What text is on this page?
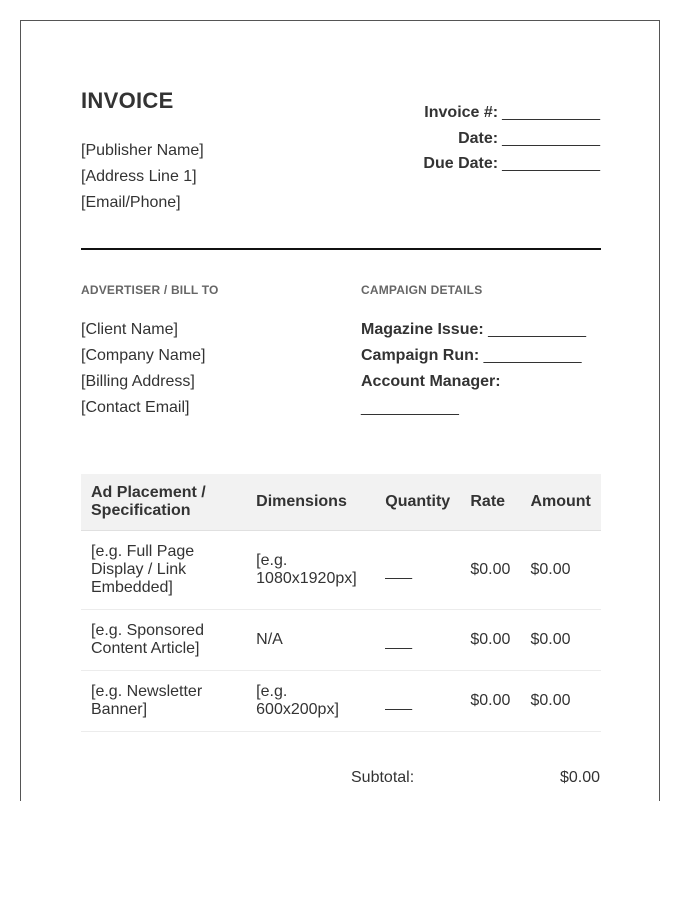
INVOICE
[Publisher Name]
[Address Line 1]
[Email/Phone]
Invoice #: ___________
Date: ___________
Due Date: ___________
ADVERTISER / BILL TO	CAMPAIGN DETAILS
[Client Name]
[Company Name]
[Billing Address]
[Contact Email]
Magazine Issue: ___________
Campaign Run: ___________
Account Manager: ___________
Ad Placement / Specification	Dimensions	Quantity	Rate	Amount
[e.g. Full Page Display / Link Embedded]	[e.g. 1080x1920px]	___	$0.00	$0.00
[e.g. Sponsored Content Article]	N/A	___	$0.00	$0.00
[e.g. Newsletter Banner]	[e.g. 600x200px]	___	$0.00	$0.00
Subtotal:	$0.00
